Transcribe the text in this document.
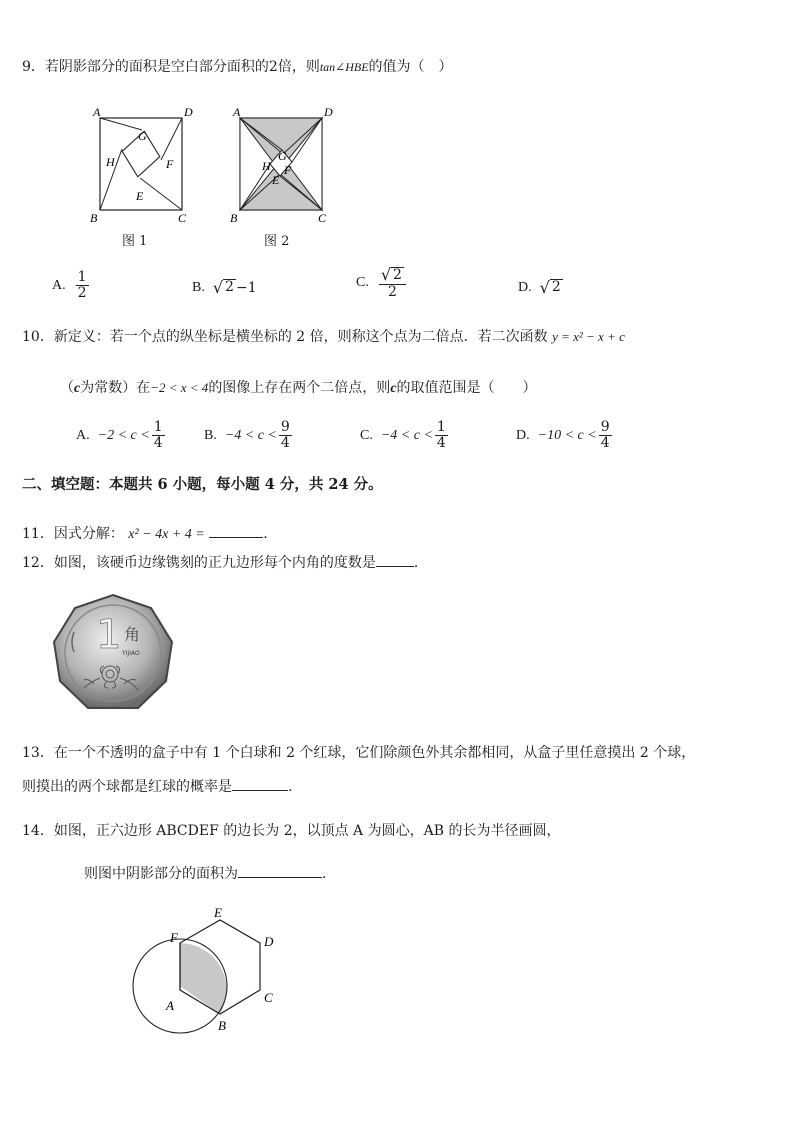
9．若阴影部分的面积是空白部分面积的2倍，则tan∠HBE的值为（　）
A	D
G
H	F
E
B	C
图 1
A	D
H
G
F
E
B	C
图 2
A. $\frac{1}{2}$	B. √ 2 −1	C. $\frac{√ 2}{2}$	D. √ 2
10．新定义：若一个点的纵坐标是横坐标的 2 倍，则称这个点为二倍点．若二次函数 y = x² − x + c
（c为常数）在−2 < x < 4的图像上存在两个二倍点，则c的取值范围是（　　）
A. $-2 < c < \frac{1}{4}$	B. $-4 < c < \frac{9}{4}$	C. $-4 < c < \frac{1}{4}$	D. $-10 < c < \frac{9}{4}$
二、填空题：本题共 6 小题，每小题 4 分，共 24 分。
11．因式分解： x² − 4x + 4 =	.
12．如图，该硬币边缘镌刻的正九边形每个内角的度数是	.
1 角
YIJIAO
13．在一个不透明的盒子中有 1 个白球和 2 个红球，它们除颜色外其余都相同，从盒子里任意摸出 2 个球，
则摸出的两个球都是红球的概率是	.
14．如图，正六边形 ABCDEF 的边长为 2，以顶点 A 为圆心，AB 的长为半径画圆，
则图中阴影部分的面积为	.
E
F	D
A
C
B
